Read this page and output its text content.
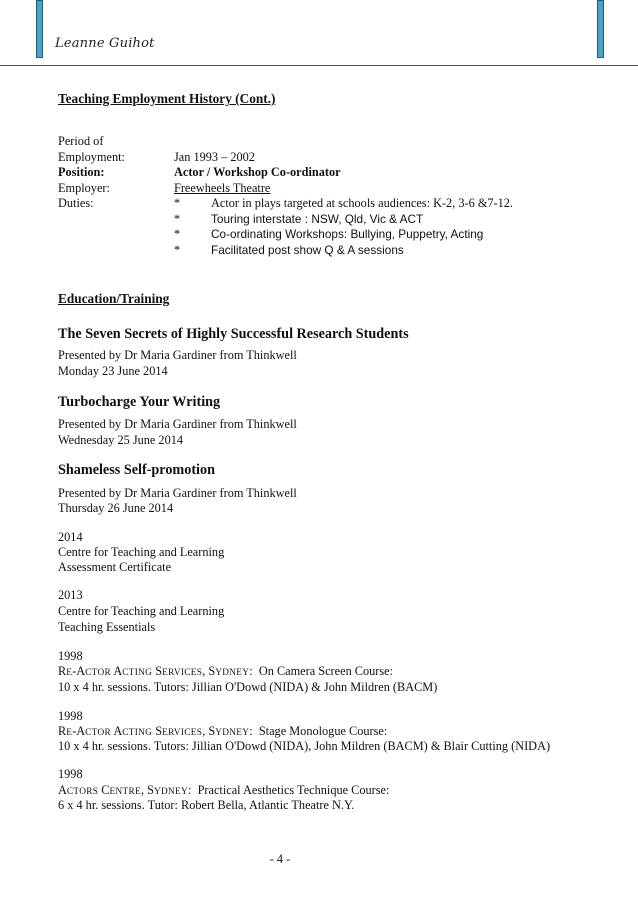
Leanne Guihot
Teaching Employment History (Cont.)
Period of
Employment:	Jan 1993 – 2002
Position:	Actor / Workshop Co-ordinator
Employer:	Freewheels Theatre
Duties:	*	Actor in plays targeted at schools audiences: K-2, 3-6 &7-12.
*	Touring interstate : NSW, Qld, Vic & ACT
*	Co-ordinating Workshops: Bullying, Puppetry, Acting
*	Facilitated post show Q & A sessions
Education/Training
The Seven Secrets of Highly Successful Research Students
Presented by Dr Maria Gardiner from Thinkwell
Monday 23 June 2014
Turbocharge Your Writing
Presented by Dr Maria Gardiner from Thinkwell
Wednesday 25 June 2014
Shameless Self-promotion
Presented by Dr Maria Gardiner from Thinkwell
Thursday 26 June 2014
2014
Centre for Teaching and Learning
Assessment Certificate
2013
Centre for Teaching and Learning
Teaching Essentials
1998
RE-ACTOR ACTING SERVICES, SYDNEY: On Camera Screen Course:
10 x 4 hr. sessions. Tutors: Jillian O'Dowd (NIDA) & John Mildren (BACM)
1998
RE-ACTOR ACTING SERVICES, SYDNEY: Stage Monologue Course:
10 x 4 hr. sessions. Tutors: Jillian O'Dowd (NIDA), John Mildren (BACM) & Blair Cutting (NIDA)
1998
ACTORS CENTRE, SYDNEY: Practical Aesthetics Technique Course:
6 x 4 hr. sessions. Tutor: Robert Bella, Atlantic Theatre N.Y.
- 4 -
